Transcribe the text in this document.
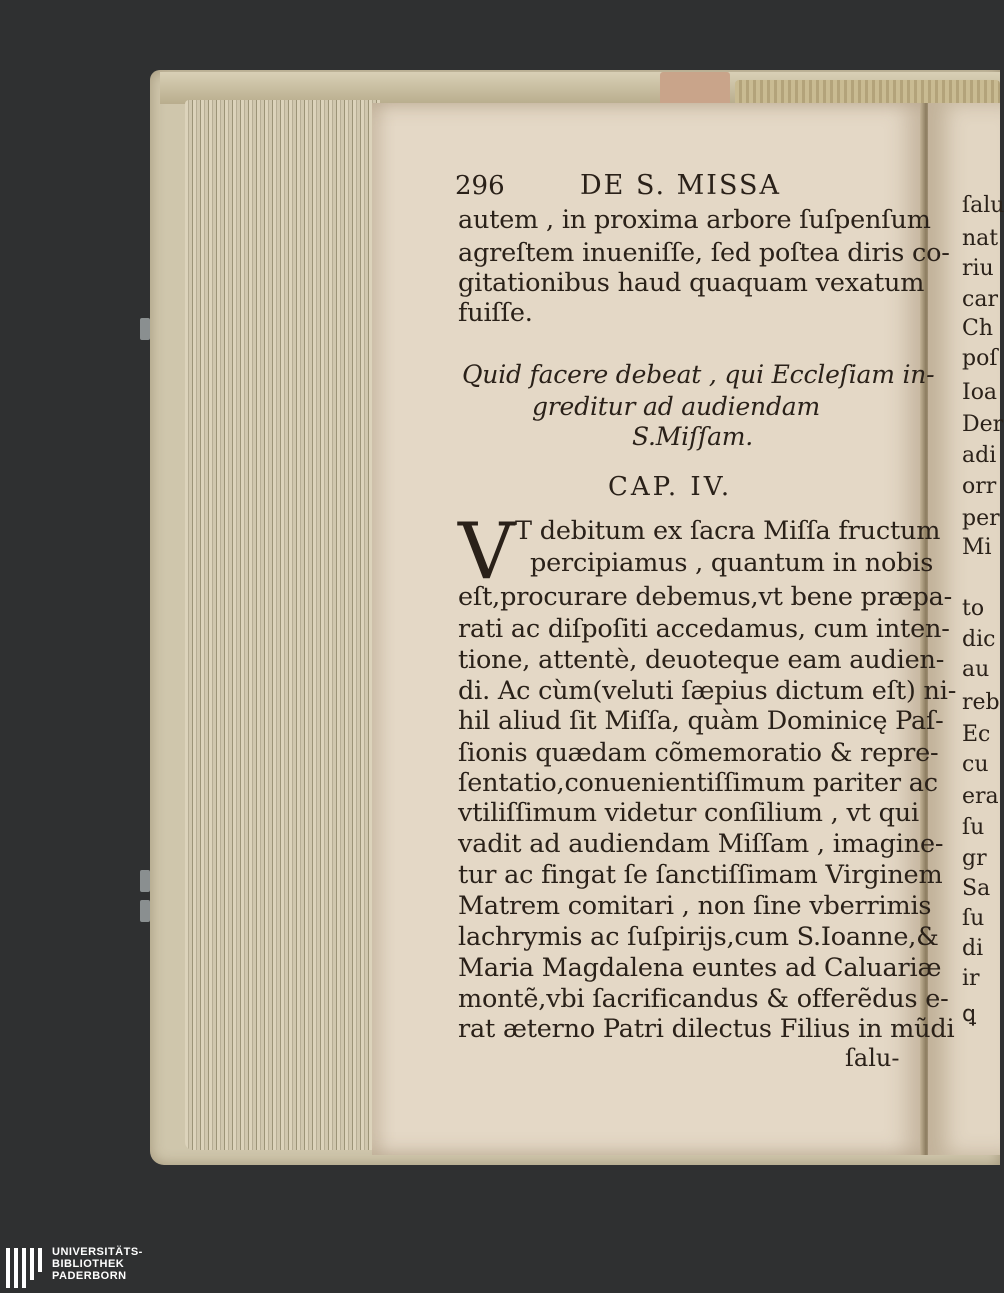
296	DE S. MISSA
autem , in proxima arbore ſuſpenſum
agreſtem inueniſſe, ſed poſtea diris co-
gitationibus haud quaquam vexatum
fuiſſe.
Quid facere debeat , qui Eccleſiam in-
greditur ad audiendam
S.Miſſam.
CAP. IV.
V T debitum ex ſacra Miſſa fructum
percipiamus , quantum in nobis
eſt,procurare debemus,vt bene præpa-
rati ac diſpoſiti accedamus, cum inten-
tione, attentè, deuoteque eam audien-
di. Ac cùm(veluti ſæpius dictum eſt) ni-
hil aliud ſit Miſſa, quàm Dominicę Paſ-
ſionis quædam cõmemoratio & repre-
ſentatio,conuenientiſſimum pariter ac
vtiliſſimum videtur conſilium , vt qui
vadit ad audiendam Miſſam , imagine-
tur ac fingat ſe ſanctiſſimam Virginem
Matrem comitari , non ſine vberrimis
lachrymis ac ſuſpirijs,cum S.Ioanne,&
Maria Magdalena euntes ad Caluariæ
montẽ,vbi ſacrificandus & offerẽdus e-
rat æterno Patri dilectus Filius in mũdi
ſalu-
ſalu
nat
riu
car
Ch
poſ
Ioa
Der
adi
orr
per
Mi
to
dic
au
reb
Ec
cu
era
ſu
gr
Sa
ſu
di
ir
ꝗ
UNIVERSITÄTS-
BIBLIOTHEK
PADERBORN
